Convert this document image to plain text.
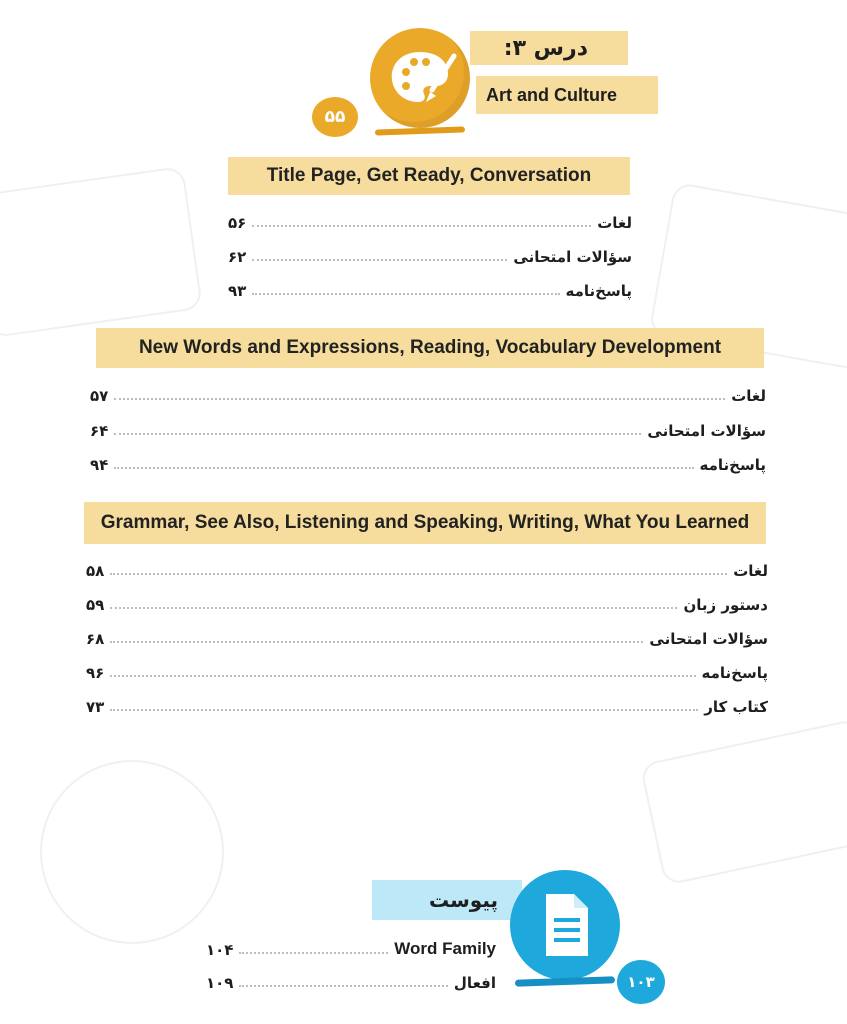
درس ۳:
Art and Culture
۵۵
Title Page, Get Ready, Conversation
لغات
۵۶
سؤالات امتحانی
۶۲
پاسخ‌نامه
۹۳
New Words and Expressions, Reading, Vocabulary Development
لغات
۵۷
سؤالات امتحانی
۶۴
پاسخ‌نامه
۹۴
Grammar, See Also, Listening and Speaking, Writing, What You Learned
لغات
۵۸
دستور زبان
۵۹
سؤالات امتحانی
۶۸
پاسخ‌نامه
۹۶
کتاب کار
۷۳
پیوست
۱۰۳
Word Family
۱۰۴
افعال
۱۰۹
